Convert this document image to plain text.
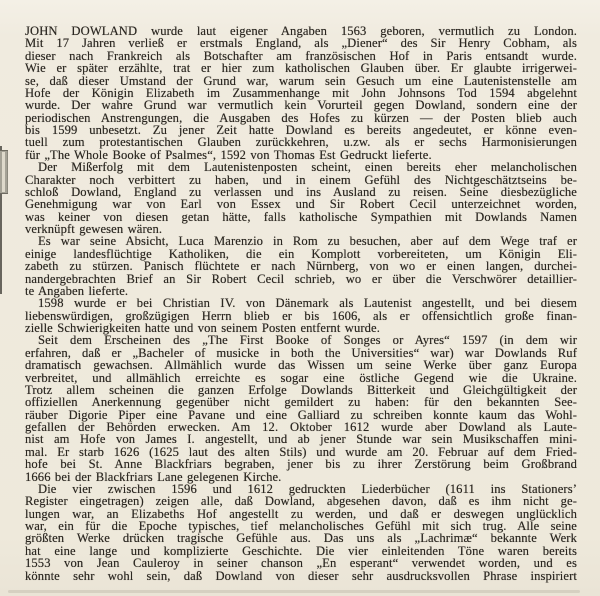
JOHN DOWLAND wurde laut eigener Angaben 1563 geboren, vermutlich zu London.
Mit 17 Jahren verließ er erstmals England, als „Diener“ des Sir Henry Cobham, als
dieser nach Frankreich als Botschafter am französischen Hof in Paris entsandt wurde.
Wie er später erzählte, trat er hier zum katholischen Glauben über. Er glaubte irrigerwei-
se, daß dieser Umstand der Grund war, warum sein Gesuch um eine Lautenistenstelle am
Hofe der Königin Elizabeth im Zusammenhange mit John Johnsons Tod 1594 abgelehnt
wurde. Der wahre Grund war vermutlich kein Vorurteil gegen Dowland, sondern eine der
periodischen Anstrengungen, die Ausgaben des Hofes zu kürzen — der Posten blieb auch
bis 1599 unbesetzt. Zu jener Zeit hatte Dowland es bereits angedeutet, er könne even-
tuell zum protestantischen Glauben zurückkehren, u.zw. als er sechs Harmonisierungen
für „The Whole Booke of Psalmes“, 1592 von Thomas Est Gedruckt lieferte.
Der Mißerfolg mit dem Lautenistenposten scheint, einen bereits eher melancholischen
Charakter noch verbittert zu haben, und in einem Gefühl des Nichtgeschätztseins be-
schloß Dowland, England zu verlassen und ins Ausland zu reisen. Seine diesbezügliche
Genehmigung war von Earl von Essex und Sir Robert Cecil unterzeichnet worden,
was keiner von diesen getan hätte, falls katholische Sympathien mit Dowlands Namen
verknüpft gewesen wären.
Es war seine Absicht, Luca Marenzio in Rom zu besuchen, aber auf dem Wege traf er
einige landesflüchtige Katholiken, die ein Komplott vorbereiteten, um Königin Eli-
zabeth zu stürzen. Panisch flüchtete er nach Nürnberg, von wo er einen langen, durchei-
nandergebrachten Brief an Sir Robert Cecil schrieb, wo er über die Verschwörer detaillier-
te Angaben lieferte.
1598 wurde er bei Christian IV. von Dänemark als Lautenist angestellt, und bei diesem
liebenswürdigen, großzügigen Herrn blieb er bis 1606, als er offensichtlich große finan-
zielle Schwierigkeiten hatte und von seinem Posten entfernt wurde.
Seit dem Erscheinen des „The First Booke of Songes or Ayres“ 1597 (in dem wir
erfahren, daß er „Bacheler of musicke in both the Universities“ war) war Dowlands Ruf
dramatisch gewachsen. Allmählich wurde das Wissen um seine Werke über ganz Europa
verbreitet, und allmählich erreichte es sogar eine östliche Gegend wie die Ukraine.
Trotz allem scheinen die ganzen Erfolge Dowlands Bitterkeit und Gleichgültigkeit der
offiziellen Anerkennung gegenüber nicht gemildert zu haben: für den bekannten See-
räuber Digorie Piper eine Pavane und eine Galliard zu schreiben konnte kaum das Wohl-
gefallen der Behörden erwecken. Am 12. Oktober 1612 wurde aber Dowland als Laute-
nist am Hofe von James I. angestellt, und ab jener Stunde war sein Musikschaffen mini-
mal. Er starb 1626 (1625 laut des alten Stils) und wurde am 20. Februar auf dem Fried-
hofe bei St. Anne Blackfriars begraben, jener bis zu ihrer Zerstörung beim Großbrand
1666 bei der Blackfriars Lane gelegenen Kirche.
Die vier zwischen 1596 und 1612 gedruckten Liederbücher (1611 ins Stationers’
Register eingetragen) zeigen alle, daß Dowland, abgesehen davon, daß es ihm nicht ge-
lungen war, an Elizabeths Hof angestellt zu werden, und daß er deswegen unglücklich
war, ein für die Epoche typisches, tief melancholisches Gefühl mit sich trug. Alle seine
größten Werke drücken tragische Gefühle aus. Das uns als „Lachrimæ“ bekannte Werk
hat eine lange und komplizierte Geschichte. Die vier einleitenden Töne waren bereits
1553 von Jean Cauleroy in seiner chanson „En esperant“ verwendet worden, und es
könnte sehr wohl sein, daß Dowland von dieser sehr ausdrucksvollen Phrase inspiriert
